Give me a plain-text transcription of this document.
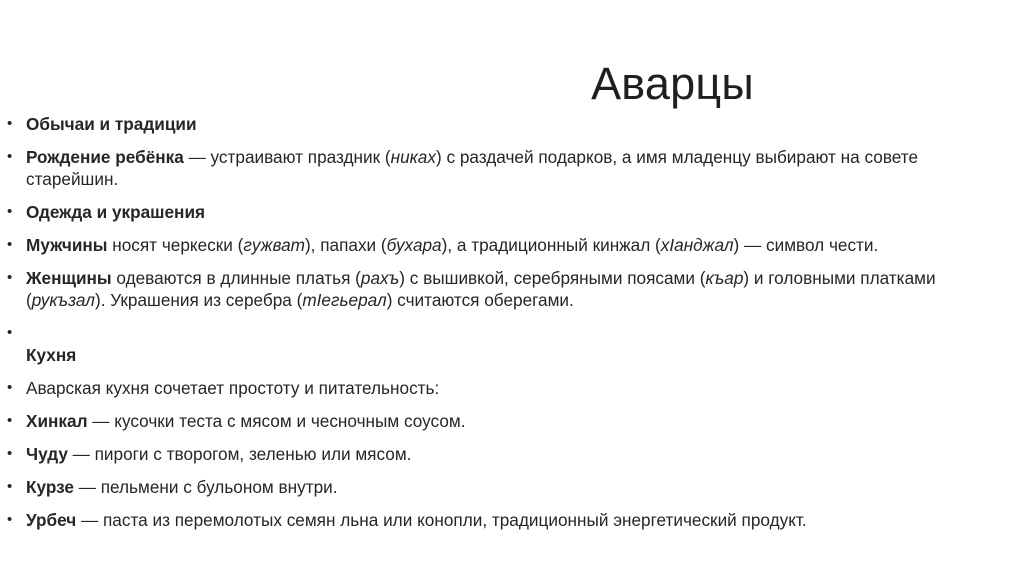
Аварцы
• Обычаи и традиции
• Рождение ребёнка — устраивают праздник (никах) с раздачей подарков, а имя младенцу выбирают на совете старейшин.
• Одежда и украшения
• Мужчины носят черкески (гужват), папахи (бухара), а традиционный кинжал (хIанджал) — символ чести.
• Женщины одеваются в длинные платья (рахъ) с вышивкой, серебряными поясами (къар) и головными платками (рукъзал). Украшения из серебра (тIегьерал) считаются оберегами.
•

Кухня
• Аварская кухня сочетает простоту и питательность:
• Хинкал — кусочки теста с мясом и чесночным соусом.
• Чуду — пироги с творогом, зеленью или мясом.
• Курзе — пельмени с бульоном внутри.
• Урбеч — паста из перемолотых семян льна или конопли, традиционный энергетический продукт.
